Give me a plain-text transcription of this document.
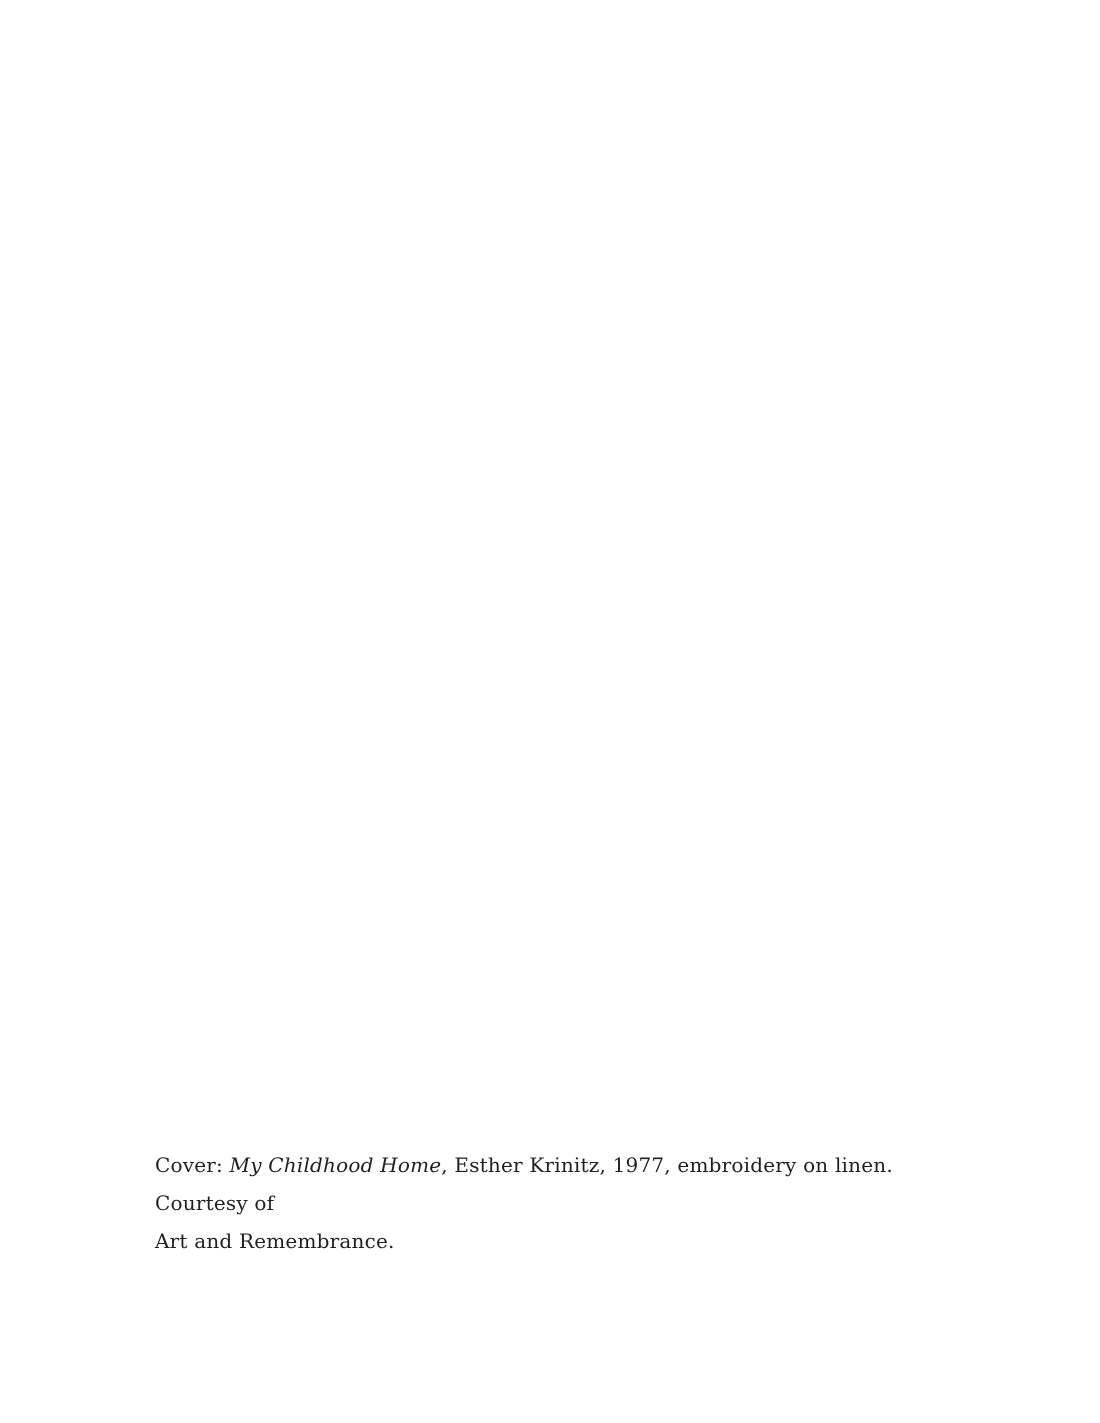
Cover: My Childhood Home, Esther Krinitz, 1977, embroidery on linen. Courtesy of
Art and Remembrance.
